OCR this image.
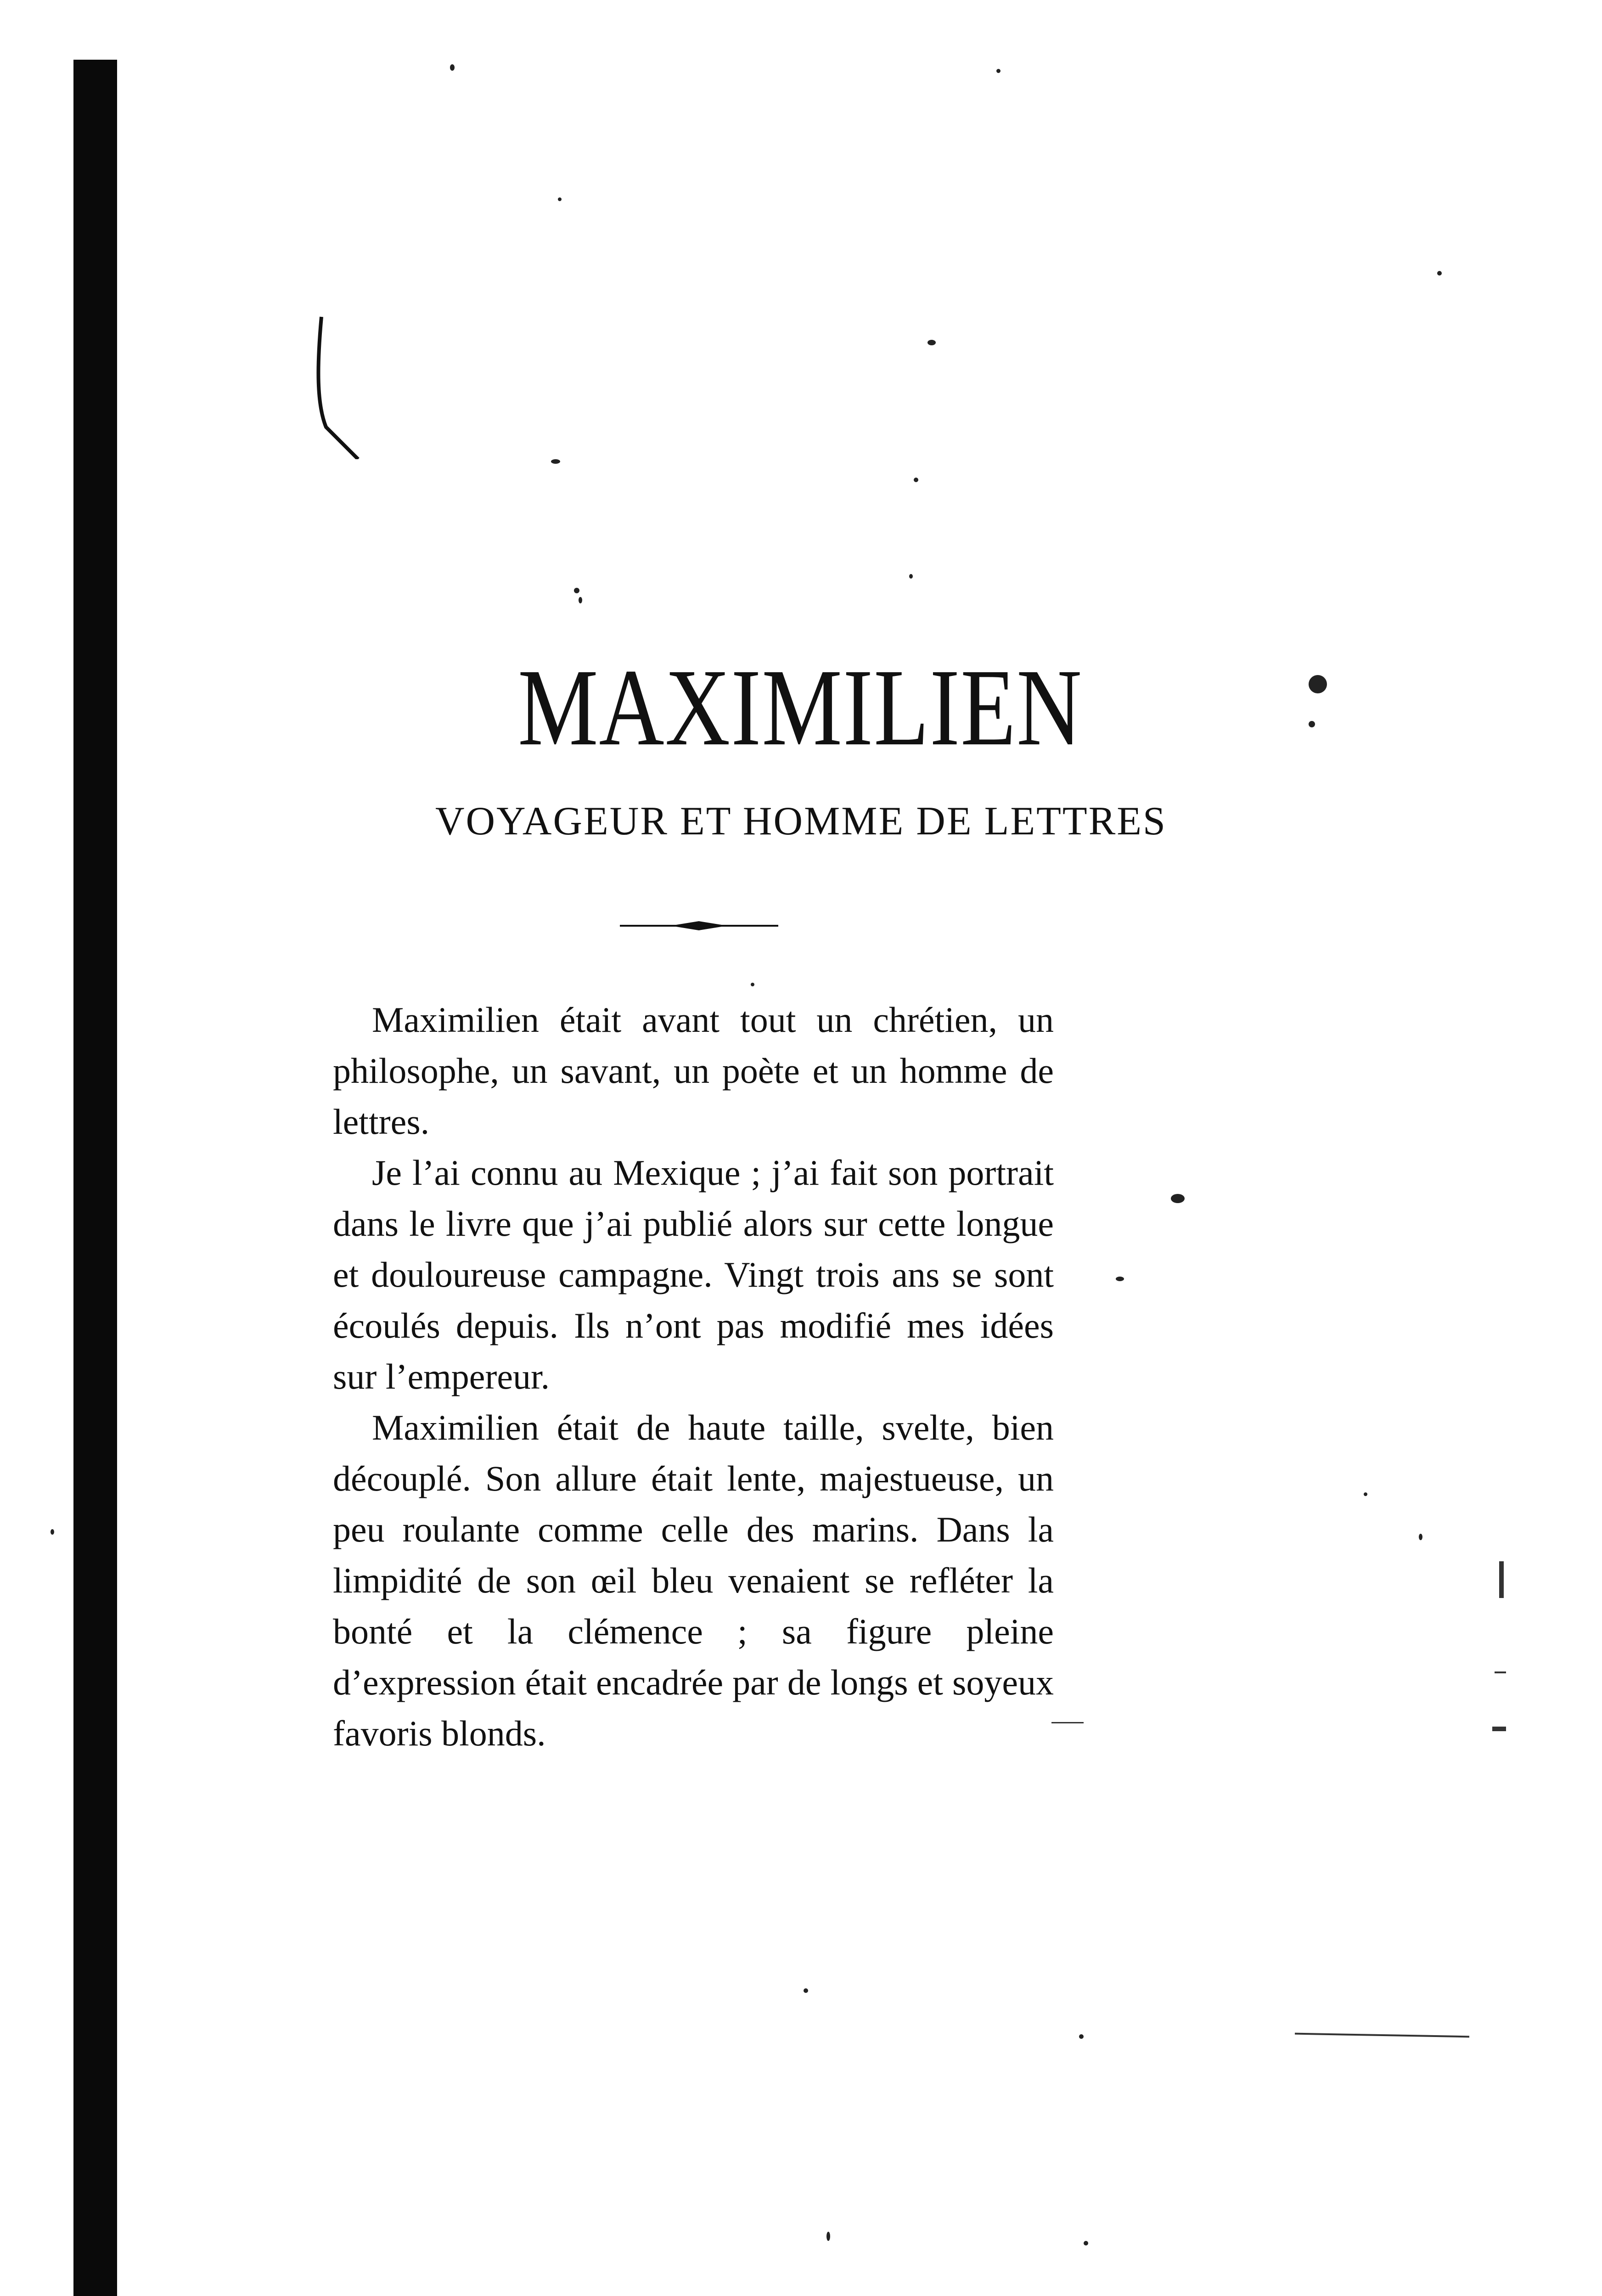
MAXIMILIEN
VOYAGEUR ET HOMME DE LETTRES

Maximilien était avant tout un chrétien, un philosophe, un savant, un poète et un homme de lettres.

Je l’ai connu au Mexique ; j’ai fait son portrait dans le livre que j’ai publié alors sur cette longue et douloureuse campagne. Vingt trois ans se sont écoulés depuis. Ils n’ont pas modifié mes idées sur l’empereur.

Maximilien était de haute taille, svelte, bien découplé. Son allure était lente, majestueuse, un peu roulante comme celle des marins. Dans la limpidité de son œil bleu venaient se refléter la bonté et la clémence ; sa figure pleine d’expression était encadrée par de longs et soyeux favoris blonds.
